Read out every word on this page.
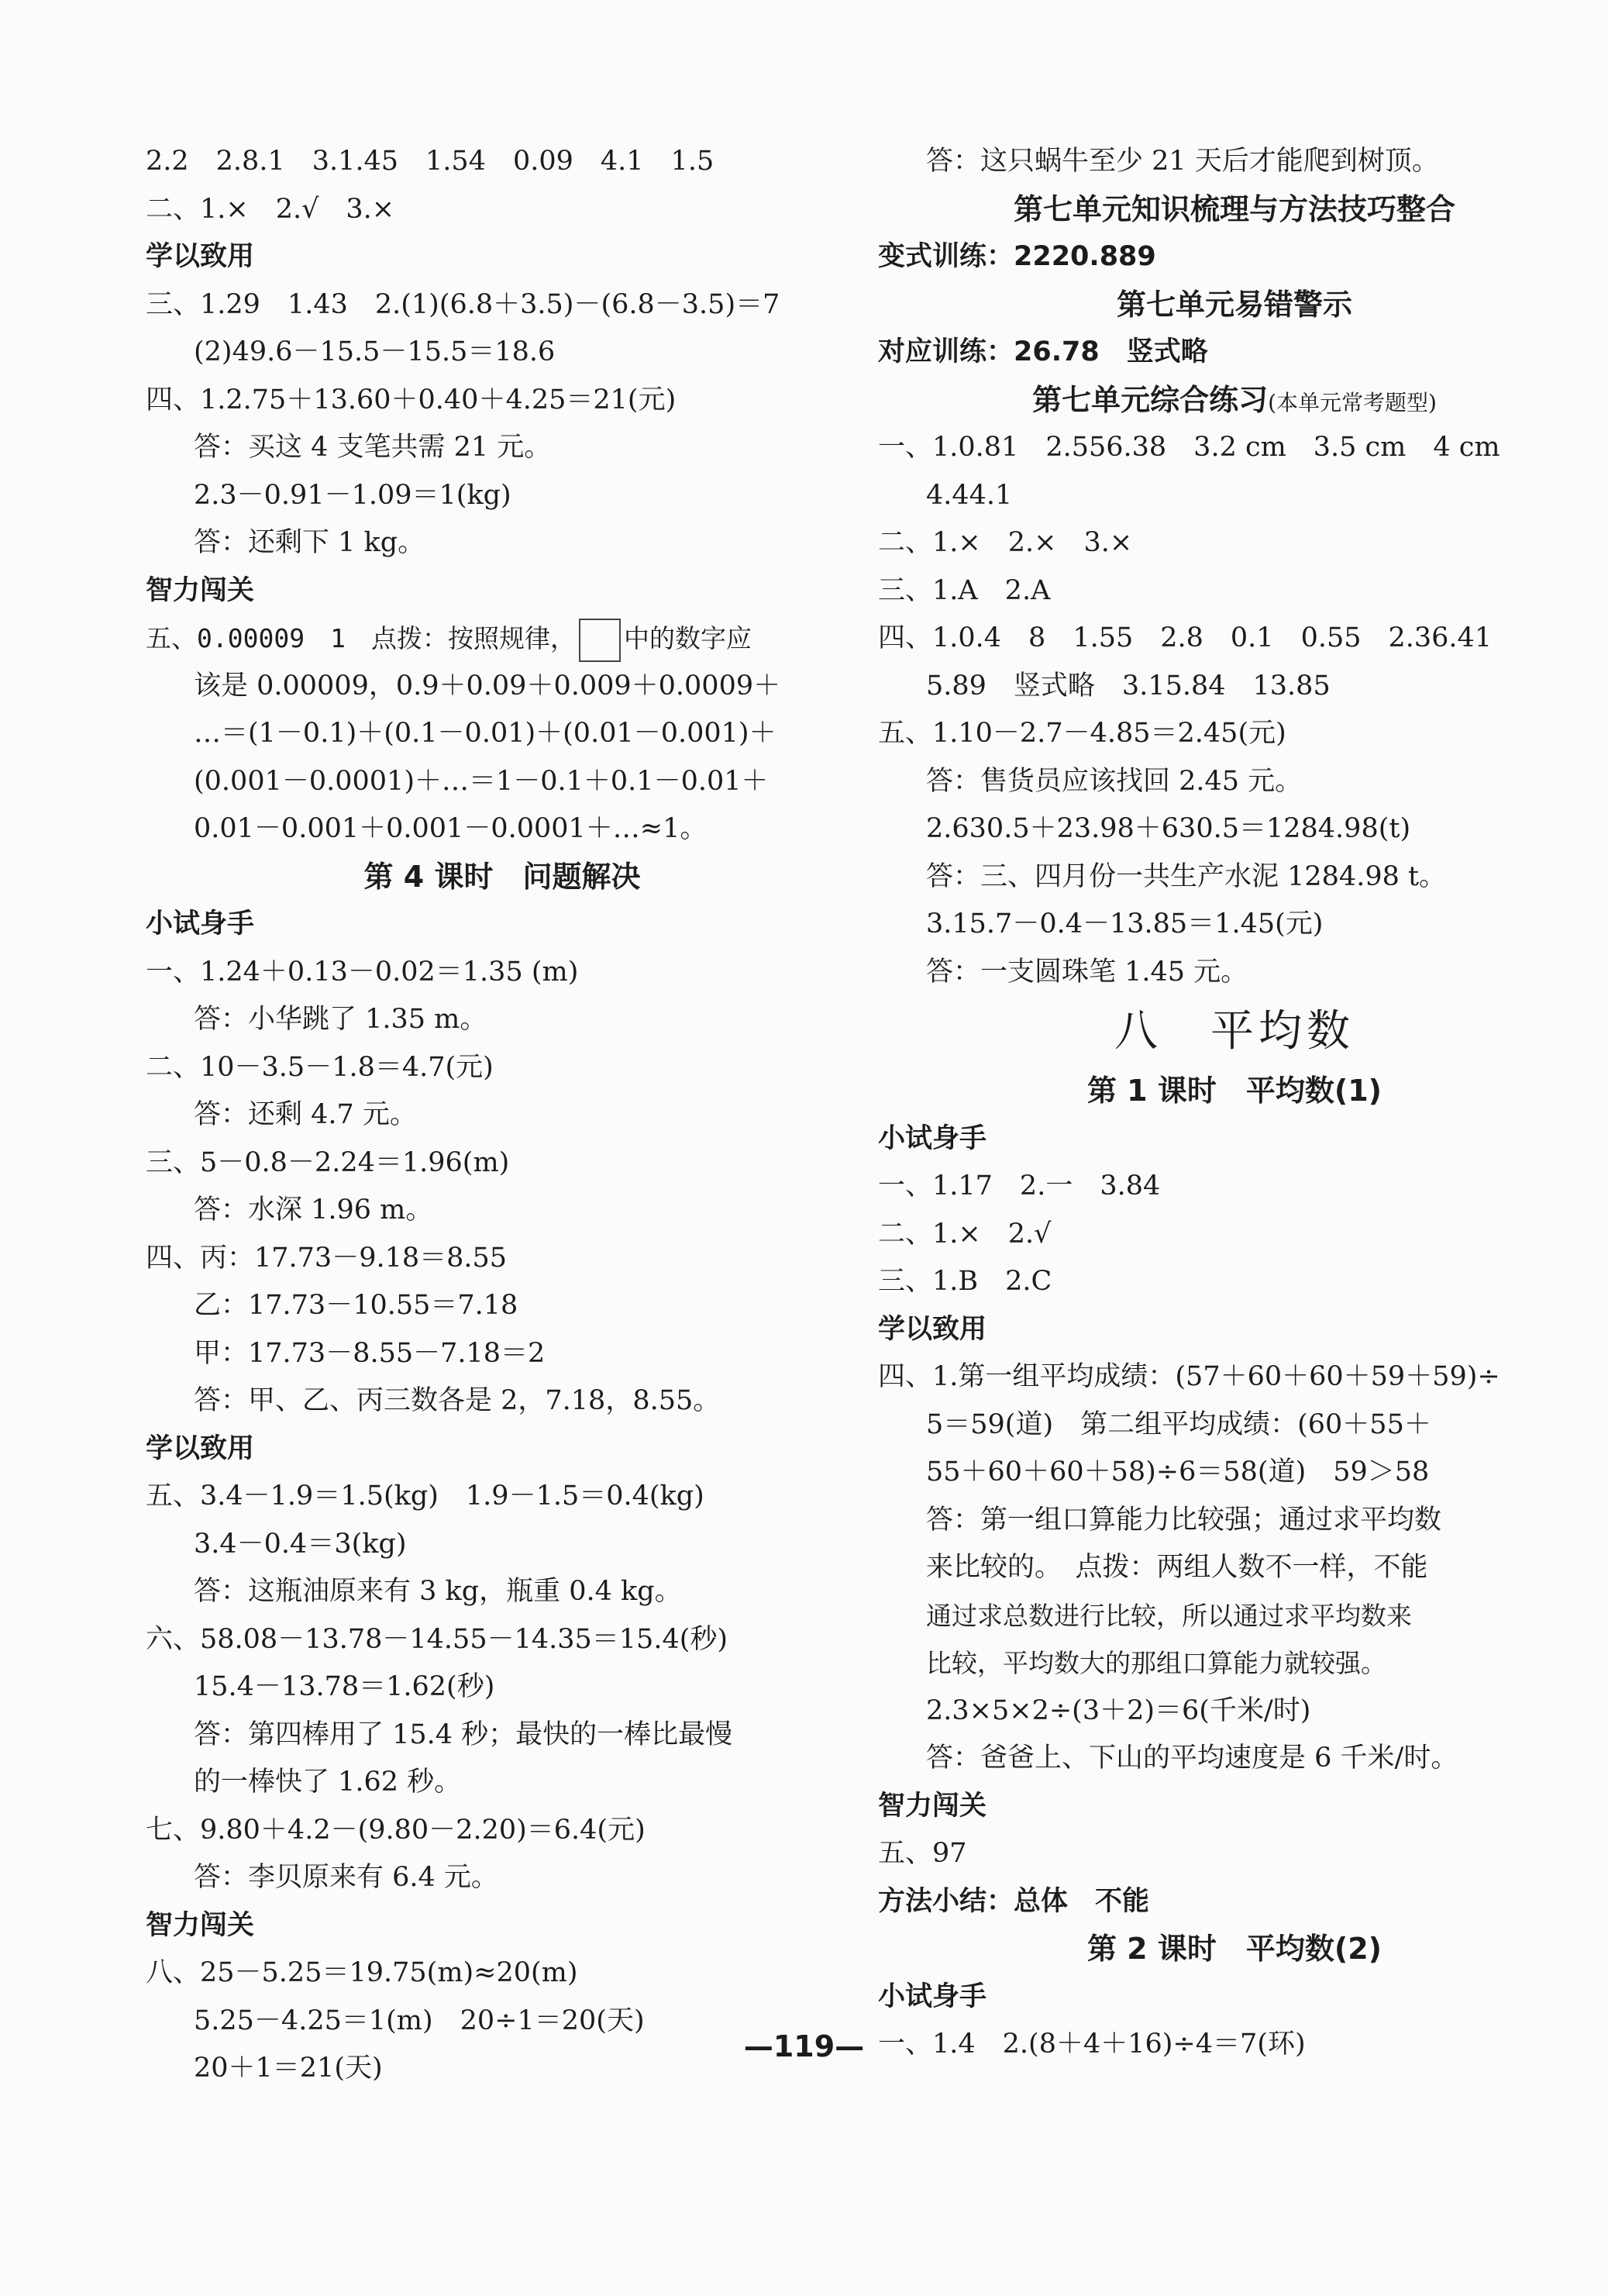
2.2　2.8.1　3.1.45　1.54　0.09　4.1　1.5
二、1.×　2.√　3.×
学以致用
三、1.29　1.43　2.(1)(6.8＋3.5)－(6.8－3.5)＝7
(2)49.6－15.5－15.5＝18.6
四、1.2.75＋13.60＋0.40＋4.25＝21(元)
答：买这 4 支笔共需 21 元。
2.3－0.91－1.09＝1(kg)
答：还剩下 1 kg。
智力闯关
五、0.00009　1　点拨：按照规律， 中的数字应
该是 0.00009，0.9＋0.09＋0.009＋0.0009＋
…＝(1－0.1)＋(0.1－0.01)＋(0.01－0.001)＋
(0.001－0.0001)＋…＝1－0.1＋0.1－0.01＋
0.01－0.001＋0.001－0.0001＋…≈1。
第 4 课时　问题解决
小试身手
一、1.24＋0.13－0.02＝1.35 (m)
答：小华跳了 1.35 m。
二、10－3.5－1.8＝4.7(元)
答：还剩 4.7 元。
三、5－0.8－2.24＝1.96(m)
答：水深 1.96 m。
四、丙：17.73－9.18＝8.55
乙：17.73－10.55＝7.18
甲：17.73－8.55－7.18＝2
答：甲、乙、丙三数各是 2，7.18，8.55。
学以致用
五、3.4－1.9＝1.5(kg)　1.9－1.5＝0.4(kg)
3.4－0.4＝3(kg)
答：这瓶油原来有 3 kg，瓶重 0.4 kg。
六、58.08－13.78－14.55－14.35＝15.4(秒)
15.4－13.78＝1.62(秒)
答：第四棒用了 15.4 秒；最快的一棒比最慢
的一棒快了 1.62 秒。
七、9.80＋4.2－(9.80－2.20)＝6.4(元)
答：李贝原来有 6.4 元。
智力闯关
八、25－5.25＝19.75(m)≈20(m)
5.25－4.25＝1(m)　20÷1＝20(天)
20＋1＝21(天)
答：这只蜗牛至少 21 天后才能爬到树顶。
第七单元知识梳理与方法技巧整合
变式训练：2220.889
第七单元易错警示
对应训练：26.78　竖式略
第七单元综合练习(本单元常考题型)
一、1.0.81　2.556.38　3.2 cm　3.5 cm　4 cm
4.44.1
二、1.×　2.×　3.×
三、1.A　2.A
四、1.0.4　8　1.55　2.8　0.1　0.55　2.36.41
5.89　竖式略　3.15.84　13.85
五、1.10－2.7－4.85＝2.45(元)
答：售货员应该找回 2.45 元。
2.630.5＋23.98＋630.5＝1284.98(t)
答：三、四月份一共生产水泥 1284.98 t。
3.15.7－0.4－13.85＝1.45(元)
答：一支圆珠笔 1.45 元。
八　平均数
第 1 课时　平均数(1)
小试身手
一、1.17　2.一　3.84
二、1.×　2.√
三、1.B　2.C
学以致用
四、1.第一组平均成绩：(57＋60＋60＋59＋59)÷
5＝59(道)　第二组平均成绩：(60＋55＋
55＋60＋60＋58)÷6＝58(道)　59＞58
答：第一组口算能力比较强；通过求平均数
来比较的。　点拨：两组人数不一样，不能
通过求总数进行比较，所以通过求平均数来
比较，平均数大的那组口算能力就较强。
2.3×5×2÷(3＋2)＝6(千米/时)
答：爸爸上、下山的平均速度是 6 千米/时。
智力闯关
五、97
方法小结：总体　不能
第 2 课时　平均数(2)
小试身手
一、1.4　2.(8＋4＋16)÷4＝7(环)
—119—
